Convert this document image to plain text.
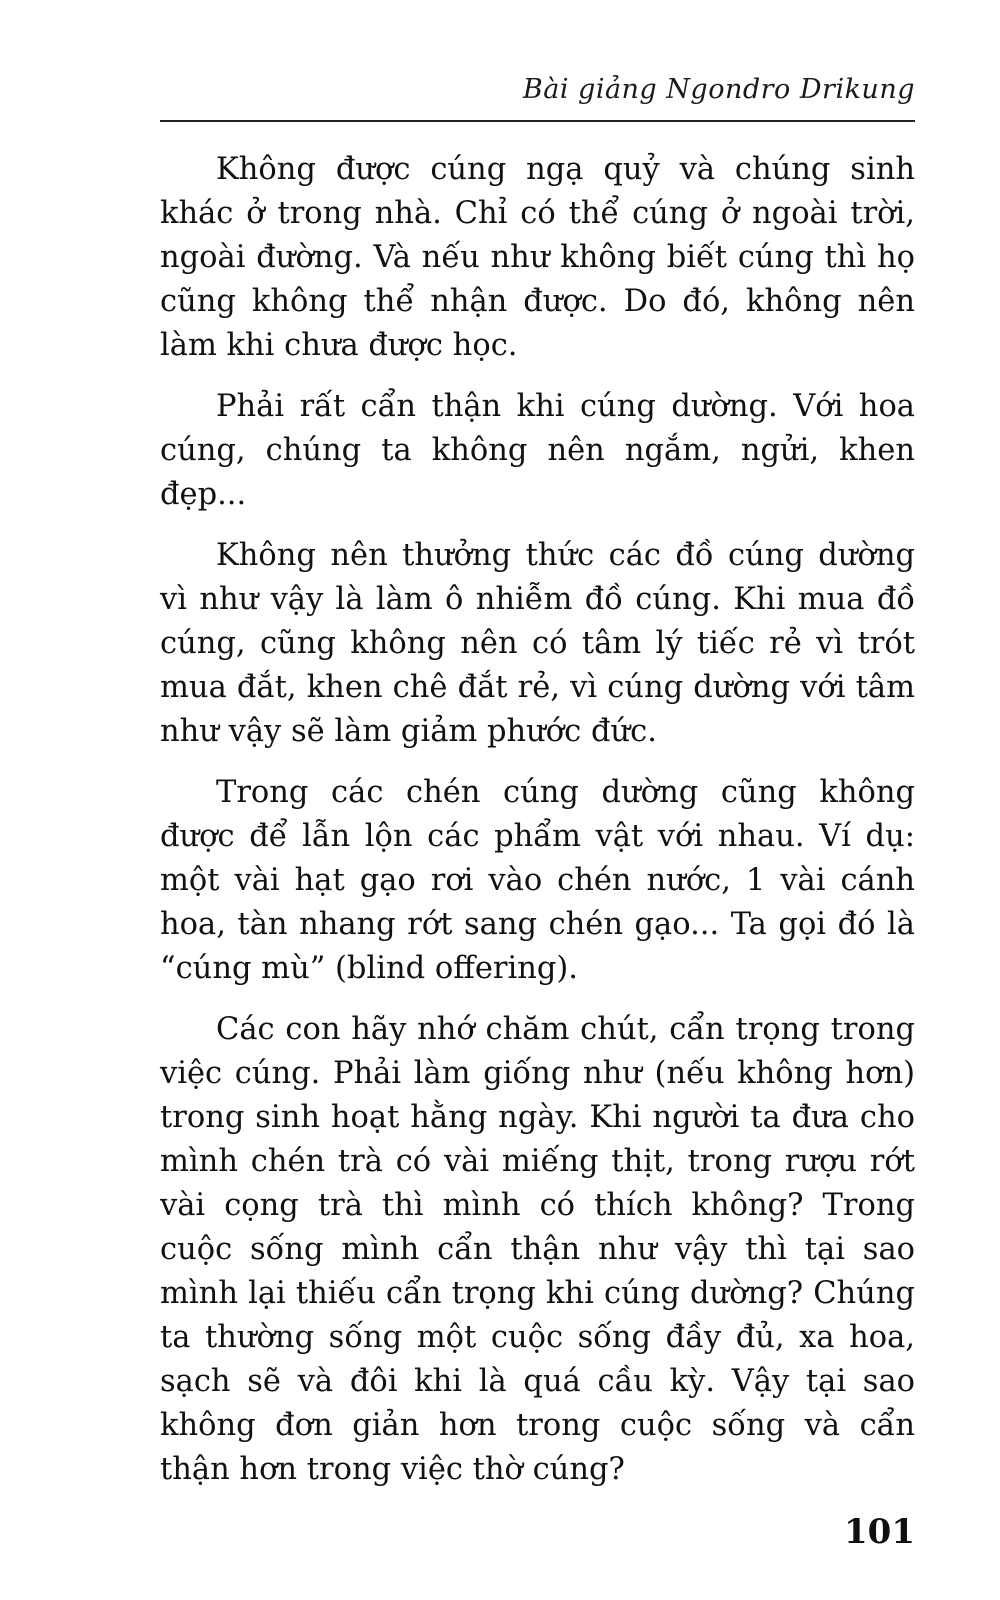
Bài giảng Ngondro Drikung

Không được cúng ngạ quỷ và chúng sinh khác ở trong nhà. Chỉ có thể cúng ở ngoài trời, ngoài đường. Và nếu như không biết cúng thì họ cũng không thể nhận được. Do đó, không nên làm khi chưa được học.

Phải rất cẩn thận khi cúng dường. Với hoa cúng, chúng ta không nên ngắm, ngửi, khen đẹp...

Không nên thưởng thức các đồ cúng dường vì như vậy là làm ô nhiễm đồ cúng. Khi mua đồ cúng, cũng không nên có tâm lý tiếc rẻ vì trót mua đắt, khen chê đắt rẻ, vì cúng dường với tâm như vậy sẽ làm giảm phước đức.

Trong các chén cúng dường cũng không được để lẫn lộn các phẩm vật với nhau. Ví dụ: một vài hạt gạo rơi vào chén nước, 1 vài cánh hoa, tàn nhang rớt sang chén gạo... Ta gọi đó là “cúng mù” (blind offering).

Các con hãy nhớ chăm chút, cẩn trọng trong việc cúng. Phải làm giống như (nếu không hơn) trong sinh hoạt hằng ngày. Khi người ta đưa cho mình chén trà có vài miếng thịt, trong rượu rớt vài cọng trà thì mình có thích không? Trong cuộc sống mình cẩn thận như vậy thì tại sao mình lại thiếu cẩn trọng khi cúng dường? Chúng ta thường sống một cuộc sống đầy đủ, xa hoa, sạch sẽ và đôi khi là quá cầu kỳ. Vậy tại sao không đơn giản hơn trong cuộc sống và cẩn thận hơn trong việc thờ cúng?

101
